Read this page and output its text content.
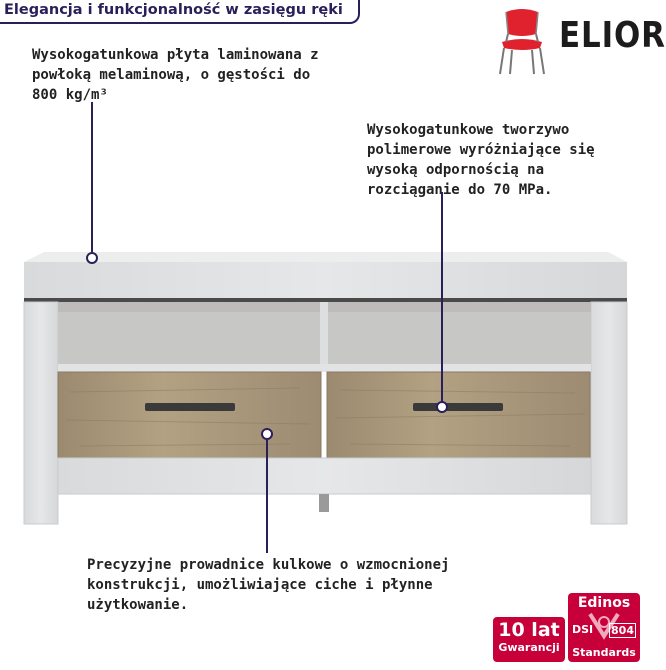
Elegancja i funkcjonalność w zasięgu ręki
ELIOR
Wysokogatunkowa płyta laminowana z powłoką melaminową, o gęstości do 800 kg/m³
Wysokogatunkowe tworzywo polimerowe wyróżniające się wysoką odpornością na rozciąganie do 70 MPa.
Precyzyjne prowadnice kulkowe o wzmocnionej konstrukcji, umożliwiające ciche i płynne użytkowanie.
10 lat
Gwarancji
Edinos
DSI 804
Standards
